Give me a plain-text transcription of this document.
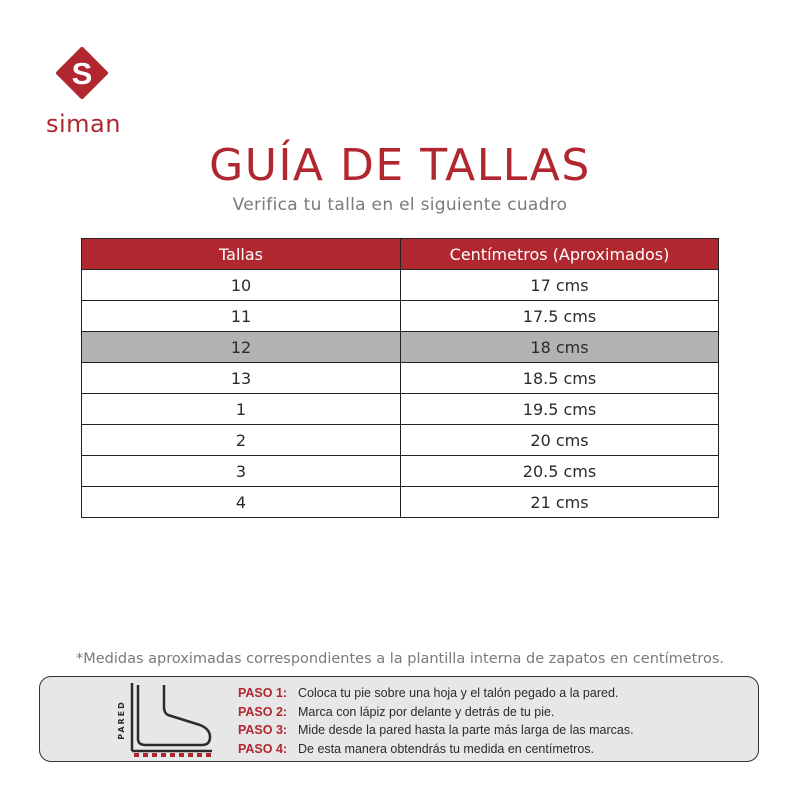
S
siman
GUÍA DE TALLAS
Verifica tu talla en el siguiente cuadro
Tallas	Centímetros (Aproximados)
10	17 cms
11	17.5 cms
12	18 cms
13	18.5 cms
1	19.5 cms
2	20 cms
3	20.5 cms
4	21 cms
*Medidas aproximadas correspondientes a la plantilla interna de zapatos en centímetros.
PARED
PASO 1: Coloca tu pie sobre una hoja y el talón pegado a la pared.
PASO 2: Marca con lápiz por delante y detrás de tu pie.
PASO 3: Mide desde la pared hasta la parte más larga de las marcas.
PASO 4: De esta manera obtendrás tu medida en centímetros.
